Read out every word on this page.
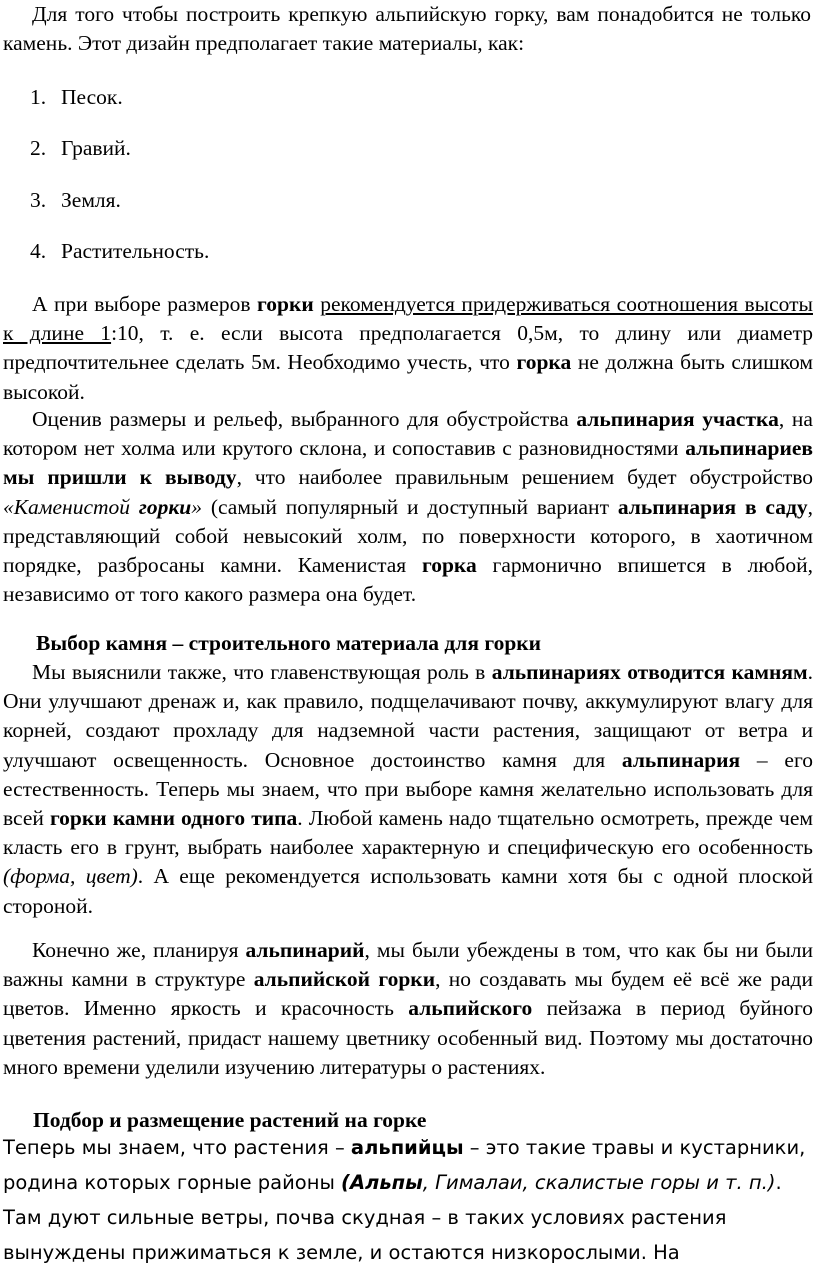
Для того чтобы построить крепкую альпийскую горку, вам понадобится не только камень. Этот дизайн предполагает такие материалы, как:

1. Песок.
2. Гравий.
3. Земля.
4. Растительность.

А при выборе размеров горки рекомендуется придерживаться соотношения высоты к длине 1:10, т. е. если высота предполагается 0,5м, то длину или диаметр предпочтительнее сделать 5м. Необходимо учесть, что горка не должна быть слишком высокой.

Оценив размеры и рельеф, выбранного для обустройства альпинария участка, на котором нет холма или крутого склона, и сопоставив с разновидностями альпинариев мы пришли к выводу, что наиболее правильным решением будет обустройство «Каменистой горки» (самый популярный и доступный вариант альпинария в саду, представляющий собой невысокий холм, по поверхности которого, в хаотичном порядке, разбросаны камни. Каменистая горка гармонично впишется в любой, независимо от того какого размера она будет.

Выбор камня – строительного материала для горки

Мы выяснили также, что главенствующая роль в альпинариях отводится камням. Они улучшают дренаж и, как правило, подщелачивают почву, аккумулируют влагу для корней, создают прохладу для надземной части растения, защищают от ветра и улучшают освещенность. Основное достоинство камня для альпинария – его естественность. Теперь мы знаем, что при выборе камня желательно использовать для всей горки камни одного типа. Любой камень надо тщательно осмотреть, прежде чем класть его в грунт, выбрать наиболее характерную и специфическую его особенность (форма, цвет). А еще рекомендуется использовать камни хотя бы с одной плоской стороной.

Конечно же, планируя альпинарий, мы были убеждены в том, что как бы ни были важны камни в структуре альпийской горки, но создавать мы будем её всё же ради цветов. Именно яркость и красочность альпийского пейзажа в период буйного цветения растений, придаст нашему цветнику особенный вид. Поэтому мы достаточно много времени уделили изучению литературы о растениях.

Подбор и размещение растений на горке

Теперь мы знаем, что растения – альпийцы – это такие травы и кустарники,

родина которых горные районы (Альпы, Гималаи, скалистые горы и т. п.).

Там дуют сильные ветры, почва скудная – в таких условиях растения

вынуждены прижиматься к земле, и остаются низкорослыми. На
